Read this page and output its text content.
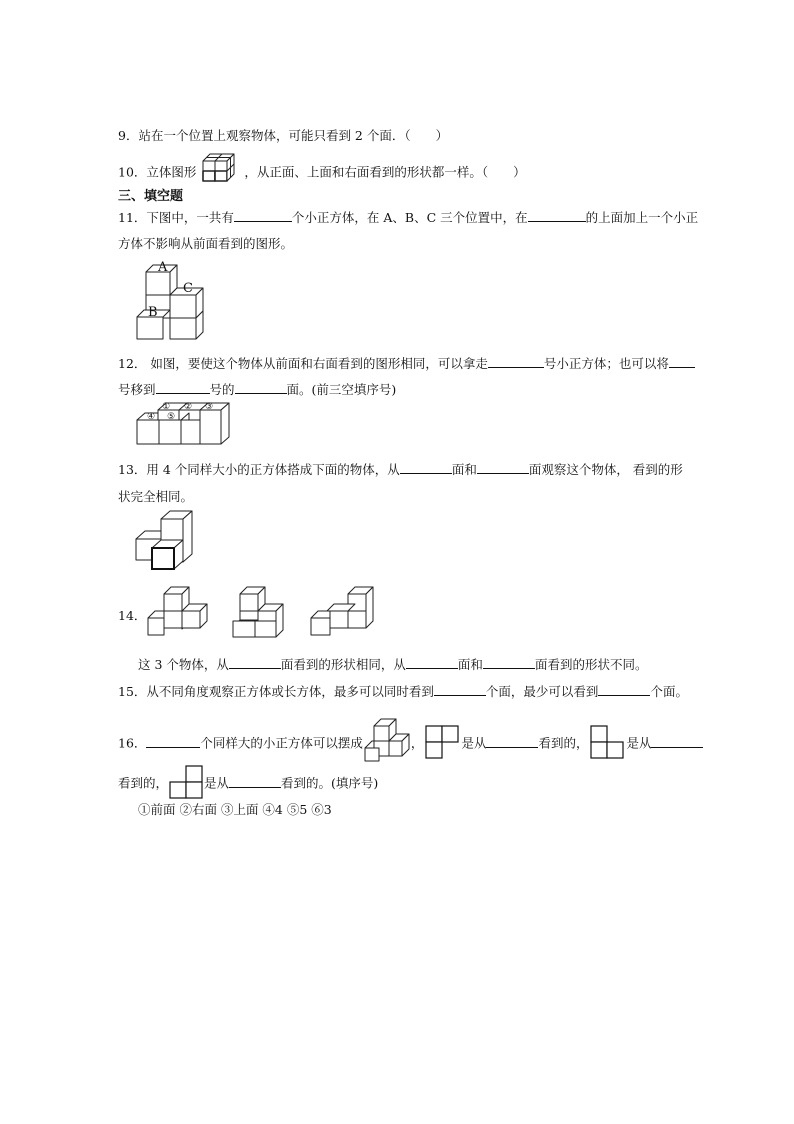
9．站在一个位置上观察物体，可能只看到 2 个面．（　　）
10．立体图形	，从正面、上面和右面看到的形状都一样。（　　）
三、填空题
11．下图中，一共有	个小正方体，在 A、B、C 三个位置中，在	的上面加上一个小正
方体不影响从前面看到的图形。
A
C
B
12． 如图，要使这个物体从前面和右面看到的图形相同，可以拿走	号小正方体；也可以将
号移到	号的	面。(前三空填序号)
① ② ③
④ ⑤
13．用 4 个同样大小的正方体搭成下面的物体，从	面和	面观察这个物体， 看到的形
状完全相同。
14．
这 3 个物体，从	面看到的形状相同，从	面和	面看到的形状不同。
15．从不同角度观察正方体或长方体，最多可以同时看到	个面，最少可以看到	个面。
16．	个同样大的小正方体可以摆成	，	是从	看到的，	是从
看到的，	是从	看到的。(填序号)
①前面 ②右面 ③上面 ④4 ⑤5 ⑥3
